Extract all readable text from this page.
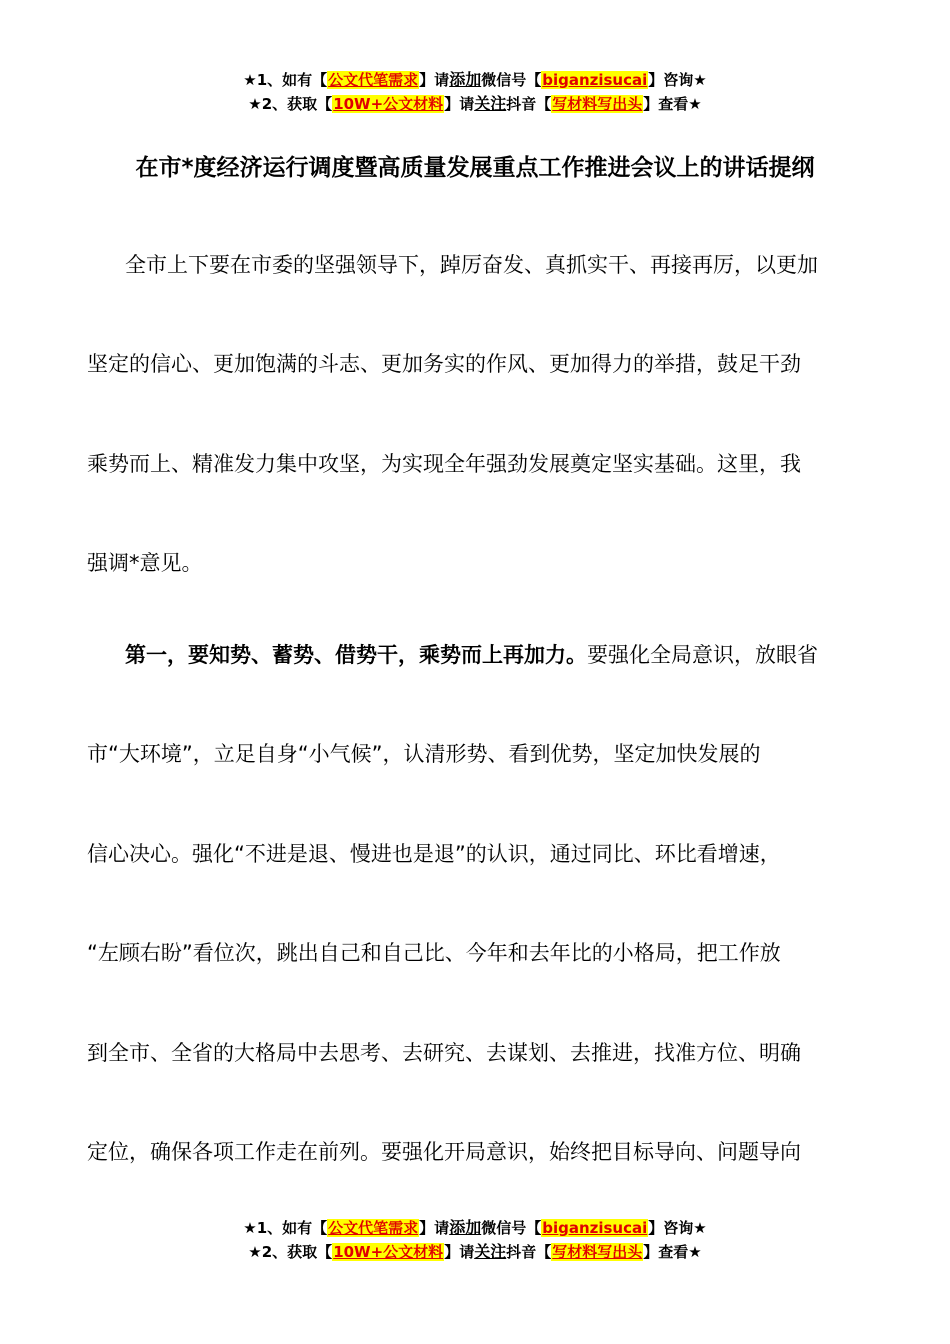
★1、如有【公文代笔需求】请添加微信号【biganzisucai】咨询★
★2、获取【10W+公文材料】请关注抖音【写材料写出头】查看★
在市*度经济运行调度暨高质量发展重点工作推进会议上的讲话提纲
全市上下要在市委的坚强领导下，踔厉奋发、真抓实干、再接再厉，以更加
坚定的信心、更加饱满的斗志、更加务实的作风、更加得力的举措，鼓足干劲
乘势而上、精准发力集中攻坚，为实现全年强劲发展奠定坚实基础。这里，我
强调*意见。
第一，要知势、蓄势、借势干，乘势而上再加力。要强化全局意识，放眼省
市“大环境”，立足自身“小气候”，认清形势、看到优势，坚定加快发展的
信心决心。强化“不进是退、慢进也是退”的认识，通过同比、环比看增速，
“左顾右盼”看位次，跳出自己和自己比、今年和去年比的小格局，把工作放
到全市、全省的大格局中去思考、去研究、去谋划、去推进，找准方位、明确
定位，确保各项工作走在前列。要强化开局意识，始终把目标导向、问题导向
★1、如有【公文代笔需求】请添加微信号【biganzisucai】咨询★
★2、获取【10W+公文材料】请关注抖音【写材料写出头】查看★
